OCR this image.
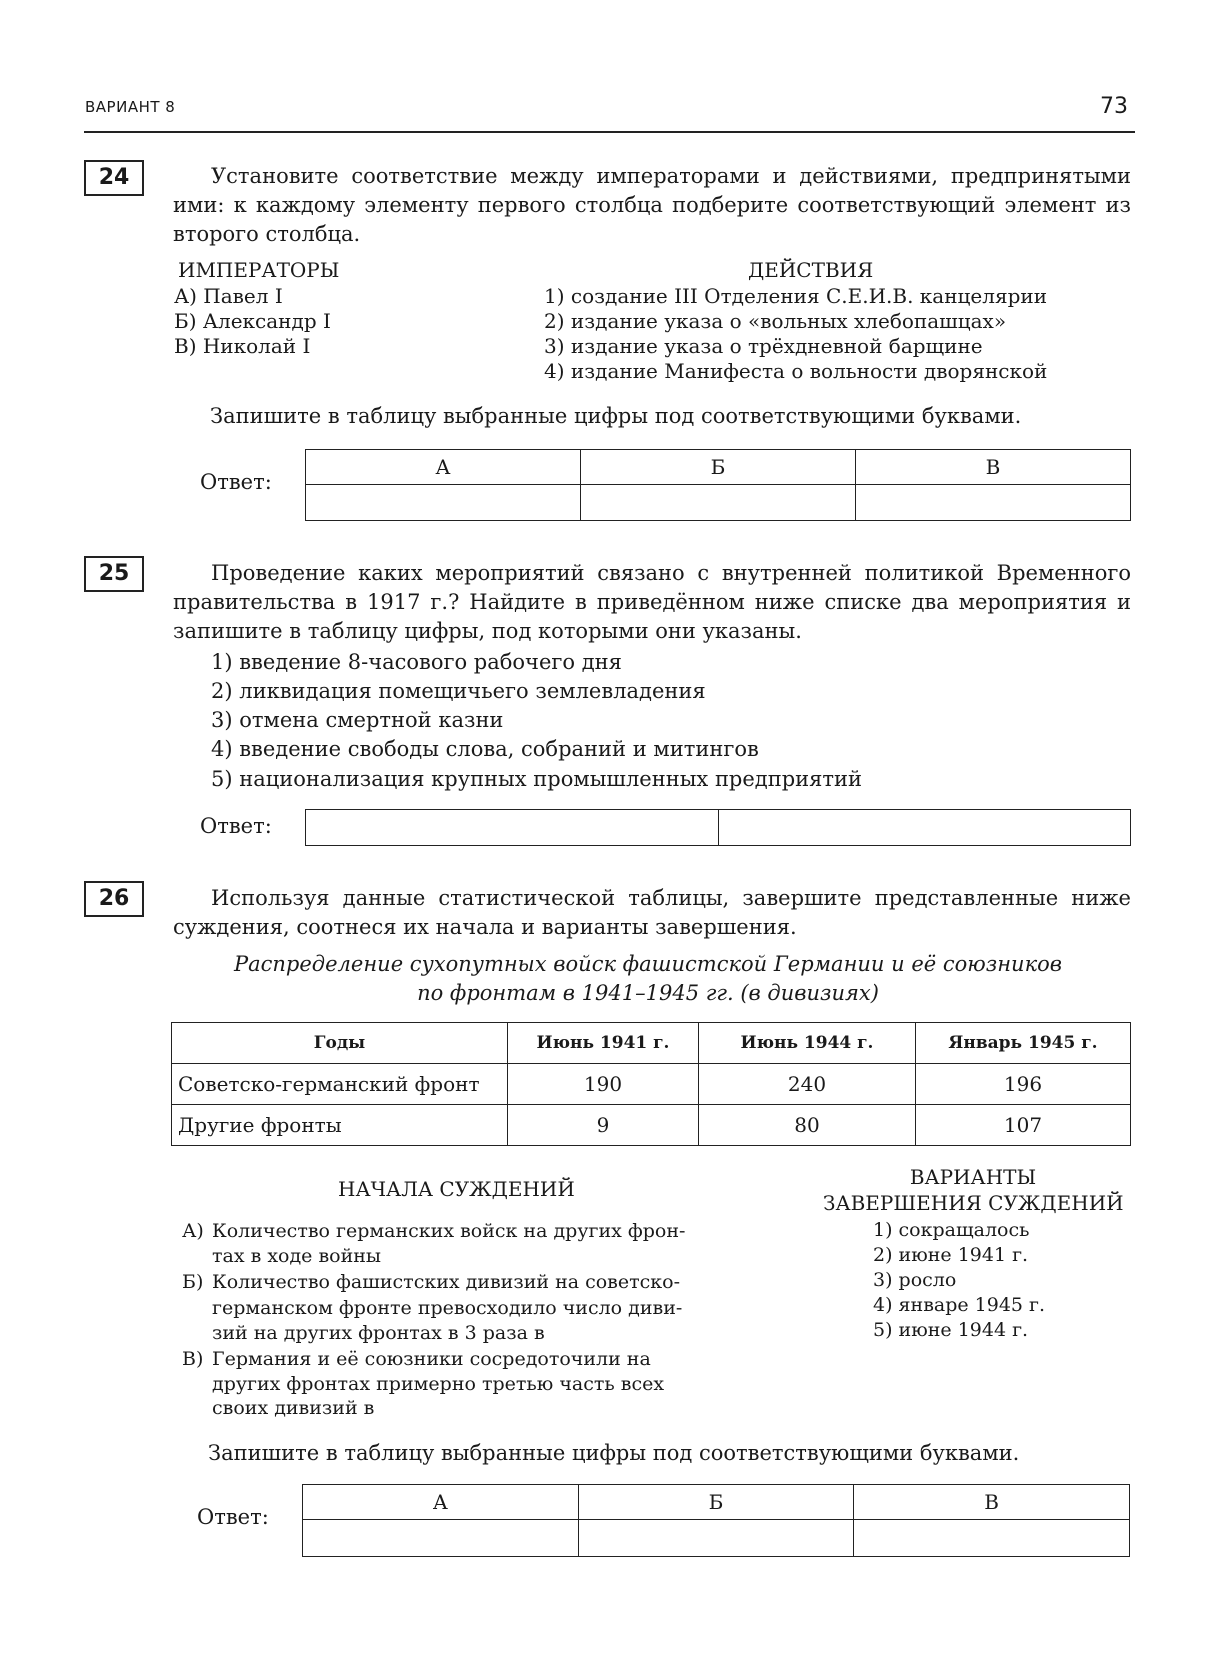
ВАРИАНТ 8	73
24	Установите соответствие между императорами и действиями, предпринятыми ими: к каждому элементу первого столбца подберите соответствующий элемент из второго столбца.
ИМПЕРАТОРЫ
А) Павел I
Б) Александр I
В) Николай I
ДЕЙСТВИЯ
1) создание III Отделения С.Е.И.В. канцелярии
2) издание указа о «вольных хлебопашцах»
3) издание указа о трёхдневной барщине
4) издание Манифеста о вольности дворянской
Запишите в таблицу выбранные цифры под соответствующими буквами.
Ответ:
А	Б	В

25	Проведение каких мероприятий связано с внутренней политикой Временного правительства в 1917 г.? Найдите в приведённом ниже списке два мероприятия и запишите в таблицу цифры, под которыми они указаны.
1) введение 8-часового рабочего дня
2) ликвидация помещичьего землевладения
3) отмена смертной казни
4) введение свободы слова, собраний и митингов
5) национализация крупных промышленных предприятий
Ответ:

26	Используя данные статистической таблицы, завершите представленные ниже суждения, соотнеся их начала и варианты завершения.
Распределение сухопутных войск фашистской Германии и её союзников
по фронтам в 1941–1945 гг. (в дивизиях)
Годы	Июнь 1941 г.	Июнь 1944 г.	Январь 1945 г.
Советско-германский фронт	190	240	196
Другие фронты	9	80	107
НАЧАЛА СУЖДЕНИЙ
А) Количество германских войск на других фрон-
тах в ходе войны
Б) Количество фашистских дивизий на советско-
германском фронте превосходило число диви-
зий на других фронтах в 3 раза в
В) Германия и её союзники сосредоточили на
других фронтах примерно третью часть всех
своих дивизий в
ВАРИАНТЫ
ЗАВЕРШЕНИЯ СУЖДЕНИЙ
1) сокращалось
2) июне 1941 г.
3) росло
4) январе 1945 г.
5) июне 1944 г.
Запишите в таблицу выбранные цифры под соответствующими буквами.
Ответ:
А	Б	В
